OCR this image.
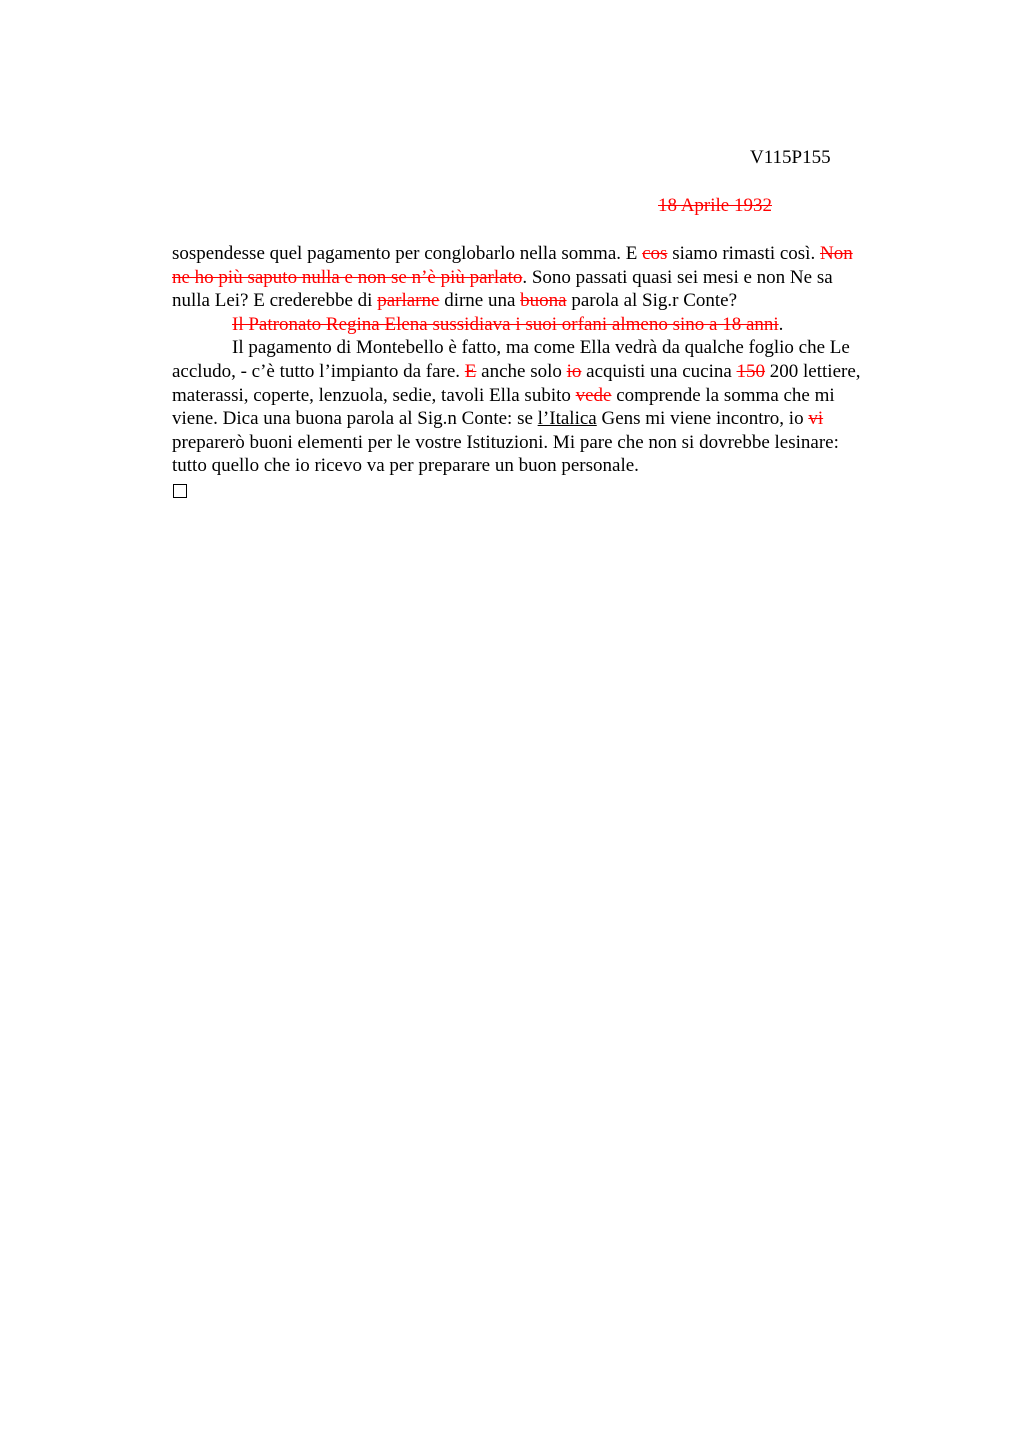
V115P155
18 Aprile 1932
sospendesse quel pagamento per conglobarlo nella somma. E cos siamo rimasti così. Non
ne ho più saputo nulla e non se n’è più parlato. Sono passati quasi sei mesi e non Ne sa
nulla Lei? E crederebbe di parlarne dirne una buona parola al Sig.r Conte?
Il Patronato Regina Elena sussidiava i suoi orfani almeno sino a 18 anni.
Il pagamento di Montebello è fatto, ma come Ella vedrà da qualche foglio che Le
accludo, - c’è tutto l’impianto da fare. E anche solo io acquisti una cucina 150 200 lettiere,
materassi, coperte, lenzuola, sedie, tavoli Ella subito vede comprende la somma che mi
viene. Dica una buona parola al Sig.n Conte: se l’Italica Gens mi viene incontro, io vi
preparerò buoni elementi per le vostre Istituzioni. Mi pare che non si dovrebbe lesinare:
tutto quello che io ricevo va per preparare un buon personale.
